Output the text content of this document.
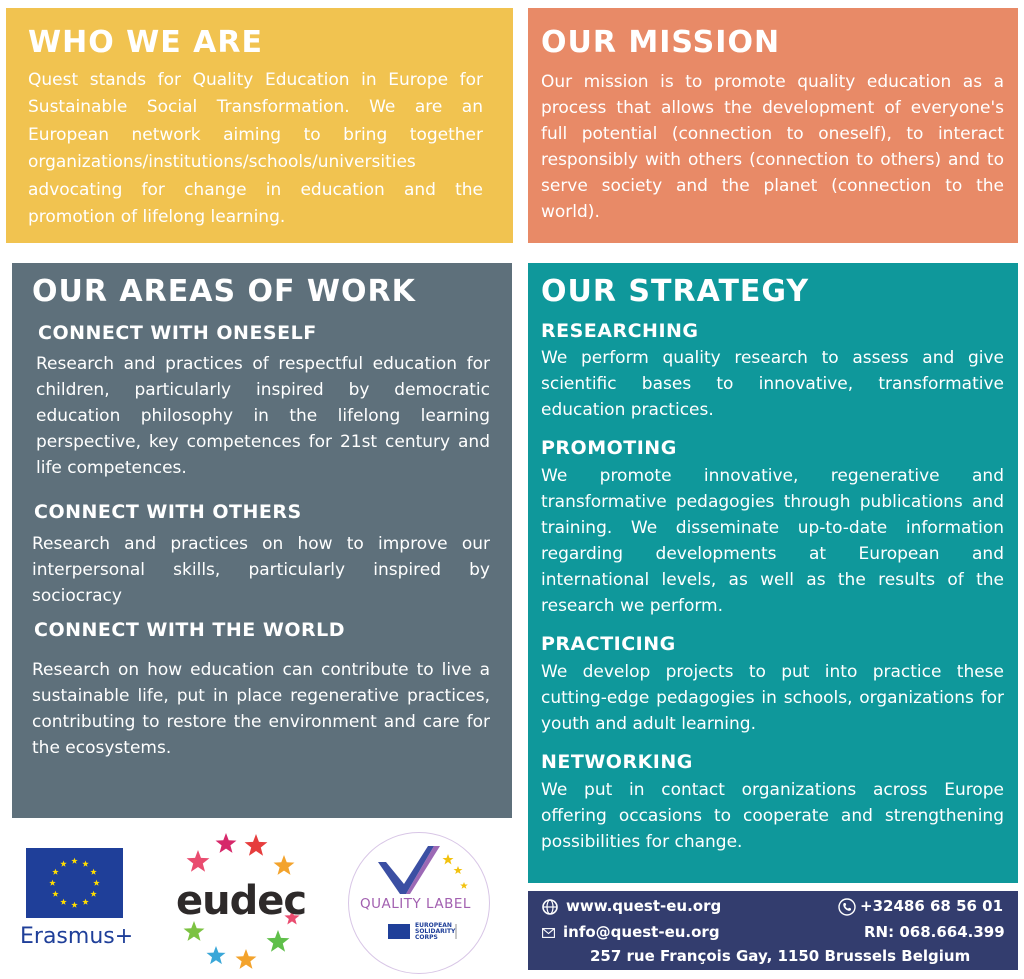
WHO WE ARE

Quest stands for Quality Education in Europe for Sustainable Social Transformation. We are an European network aiming to bring together organizations/institutions/schools/universities advocating for change in education and the promotion of lifelong learning.

OUR MISSION

Our mission is to promote quality education as a process that allows the development of everyone's full potential (connection to oneself), to interact responsibly with others (connection to others) and to serve society and the planet (connection to the world).

OUR AREAS OF WORK
CONNECT WITH ONESELF

Research and practices of respectful education for children, particularly inspired by democratic education philosophy in the lifelong learning perspective, key competences for 21st century and life competences.

CONNECT WITH OTHERS

Research and practices on how to improve our interpersonal skills, particularly inspired by sociocracy

CONNECT WITH THE WORLD

Research on how education can contribute to live a sustainable life, put in place regenerative practices, contributing to restore the environment and care for the ecosystems.

OUR STRATEGY
RESEARCHING

We perform quality research to assess and give scientific bases to innovative, transformative education practices.

PROMOTING

We promote innovative, regenerative and transformative pedagogies through publications and training. We disseminate up-to-date information regarding developments at European and international levels, as well as the results of the research we perform.

PRACTICING

We develop projects to put into practice these cutting-edge pedagogies in schools, organizations for youth and adult learning.

NETWORKING

We put in contact organizations across Europe offering occasions to cooperate and strengthening possibilities for change.

www.quest-eu.org	+32486 68 56 01
info@quest-eu.org	RN: 068.664.399
257 rue François Gay, 1150 Brussels Belgium
Erasmus+
eudec
EUROPEAN
SOLIDARITY
CORPS
QUALITY LABEL
